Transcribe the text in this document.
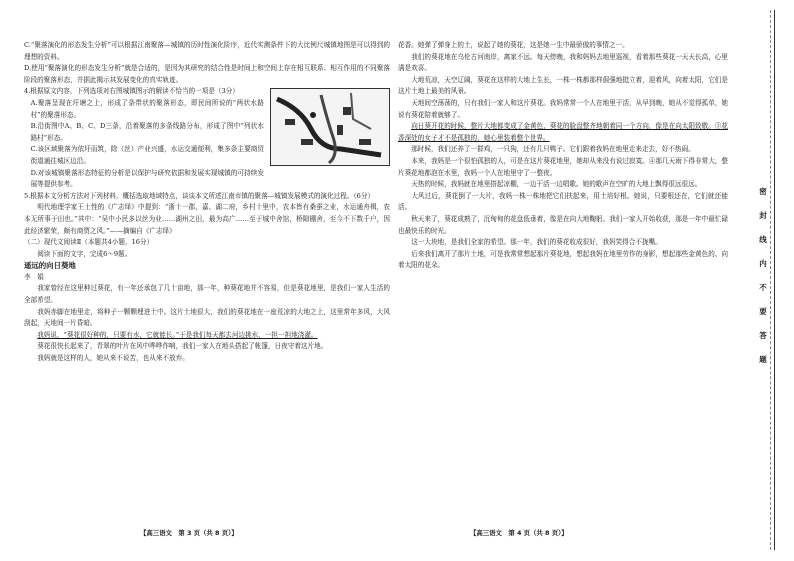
C.“聚落演化的形态发生分析”可以根据江南聚落—城镇的历时性演化阶序，近代实测条件下的大比例尺城镇地图是可以得到的理想的资料。

D.使用“聚落演化的形态发生分析”就是合适的，是因为其研究的结合性是时间上和空间上存在相互联系、相互作用的不同聚落阶段的聚落形态，并据此揭示其发展变化的真实轨迹。

4.根据原文内容，下列选项对右图城镇图示的解读不恰当的一项是（3分）

A.聚落呈现在圩塘之上，形成了条带状的聚落形态，即民间所说的“两状水路村”的聚落形态。

B.沿街图中A、B、C、D三条，沿着聚落的多条线路分布，形成了图中“列状水路村”形态。

C.该区域聚落为依圩而筑，除（丝）产业兴盛，水运交通便利，集多条主要商贸街道通往城区边沿。

D.对该城镇聚落形态特征的分析是以保护与研究依据和发展实现城镇的可持续发展等提供参考。

5.根据本文分析方法对下列材料，概括选取地域特点，谈谈本文所述江南市镇的聚落—城镇发展模式的演化过程。（6分）

明代地理学家王士性的《广志绎》中提到：“浙十一郡，嘉、湖二府，乡村十里中，农本皆有桑蚕之业，水运通舟楫，农本无所事于田也。”其中：“吴中小民多以丝为业……湖州之田，最为高广……至于城中舍馆，桥隙棚舍，至今不下数千户，因此经济繁荣，颇有商贾之风。”——摘编自《广志绎》

（二）现代文阅读Ⅱ（本题共4小题，16分）

阅读下面的文字，完成6～9题。

遥远的向日葵地

李　娟

我家曾经在这里种过葵花，有一年还承包了几十亩地，那一年，种葵花地并不容易，但是葵花地里，是我们一家人生活的全部希望。

我妈赤脚在地里走，将种子一颗颗埋进土中。这片土地很大，我们的葵花地在一座荒凉的大地之上，这里常年多风，大风刮起，天地间一片昏暗。

我妈说，“葵花很好种的，只要有水，它就能长。”于是我们每天都去河边挑水，一担一担地浇灌。

葵花很快长起来了，青翠的叶片在风中哗哗作响，我们一家人在地头搭起了帐篷，日夜守着这片地。

我妈就是这样的人，她从来不说苦，也从来不放弃。

花香。她弹了弹身上的土，说起了她的葵花，这是她一生中最骄傲的事情之一。

我们的葵花地在乌伦古河南岸，离家不远。每天傍晚，我和妈妈去地里巡视，看着那些葵花一天天长高，心里满是欢喜。

大地荒凉，天空辽阔，葵花在这样的大地上生长，一株一株都那样倔强地挺立着，迎着风，向着太阳，它们是这片土地上最美的风景。

天地间空荡荡的，只有我们一家人和这片葵花。我妈常常一个人在地里干活，从早到晚，她从不觉得孤单，她说有葵花陪着就够了。

向日葵开花的时候，整片大地都变成了金黄色，葵花的脸盘整齐地朝着同一个方向，像是在向太阳致敬。③花香深处的女子才不是孤独的，她心里装着整个世界。

那时候，我们还养了一群鸡，一只狗，还有几只鸭子。它们跟着我妈在地里走来走去，好不热闹。

本来，我妈是一个很怕孤独的人，可是在这片葵花地里，她却从来没有说过寂寞。④那几天雨下得非常大，整片葵花地都泡在水里，我妈一个人在地里守了一整夜。

天热的时候，我妈就在地里搭起凉棚，一边干活一边唱歌。她的歌声在空旷的大地上飘得很远很远。

大风过后，葵花倒了一大片，我妈一株一株地把它们扶起来，用土培好根。她说，只要根还在，它们就还能活。

秋天来了，葵花成熟了，沉甸甸的花盘低垂着，像是在向大地鞠躬。我们一家人开始收获，那是一年中最忙碌也最快乐的时光。

这一大块地，是我们全家的希望。那一年，我们的葵花收成很好，我妈笑得合不拢嘴。

后来我们离开了那片土地，可是我常常想起那片葵花地，想起我妈在地里劳作的身影，想起那些金黄色的、向着太阳的花朵。

【高三语文　第 3 页（共 8 页）】	【高三语文　第 4 页（共 8 页）】
密封线内不要答题
